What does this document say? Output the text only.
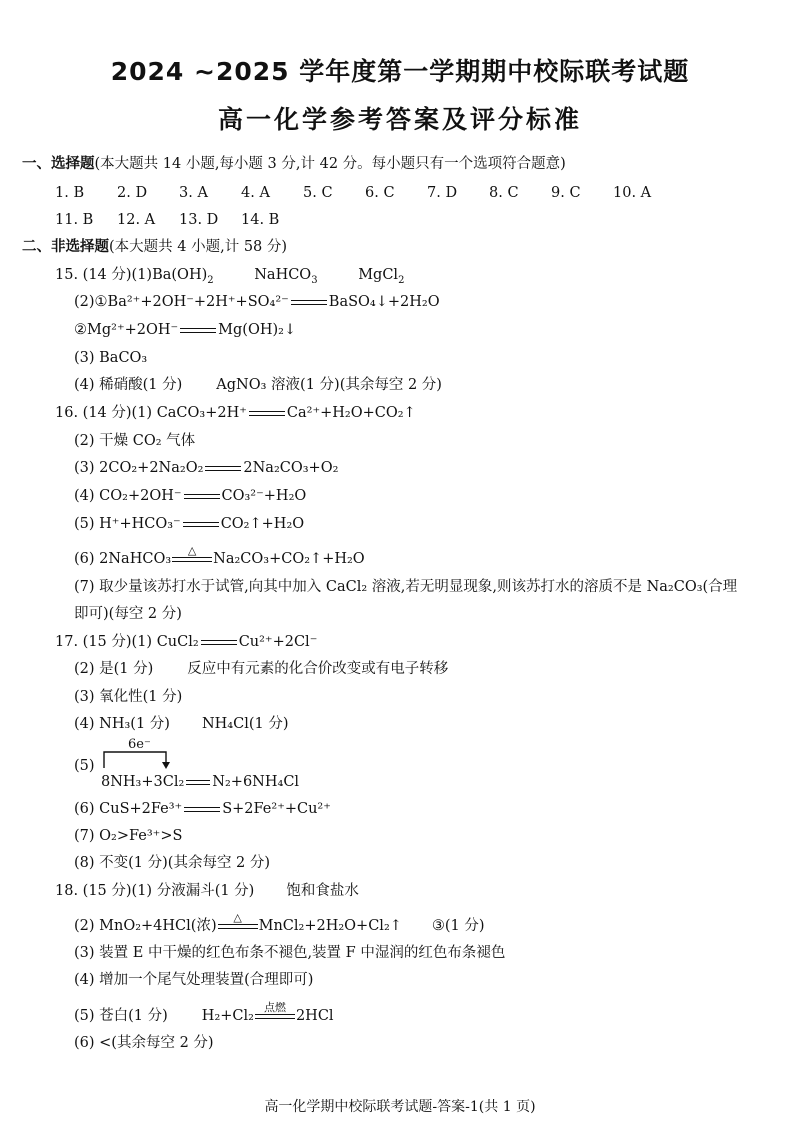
2024 ~2025 学年度第一学期期中校际联考试题
高一化学参考答案及评分标准
一、选择题(本大题共 14 小题,每小题 3 分,计 42 分。每小题只有一个选项符合题意)
1. B 2. D 3. A 4. A 5. C 6. C 7. D 8. C 9. C 10. A
11. B 12. A 13. D 14. B
二、非选择题(本大题共 4 小题,计 58 分)
15. (14 分)$(1)Ba(OH)_2$	NaHCO$_3$	MgCl$_2$
(2)①Ba²⁺+2OH⁻+2H⁺+SO₄²⁻	BaSO₄↓+2H₂O
②Mg²⁺+2OH⁻	Mg(OH)₂↓
(3) BaCO₃
(4) 稀硝酸(1 分) AgNO₃ 溶液(1 分)(其余每空 2 分)
16. (14 分)(1) CaCO₃+2H⁺	Ca²⁺+H₂O+CO₂↑
(2) 干燥 CO₂ 气体
(3) 2CO₂+2Na₂O₂	2Na₂CO₃+O₂
(4) CO₂+2OH⁻	CO₃²⁻+H₂O
(5) H⁺+HCO₃⁻	CO₂↑+H₂O
(6) 2NaHCO₃
△
Na₂CO₃+CO₂↑+H₂O
(7) 取少量该苏打水于试管,向其中加入 CaCl₂ 溶液,若无明显现象,则该苏打水的溶质不是 Na₂CO₃(合理
即可)(每空 2 分)
17. (15 分)(1) CuCl₂	Cu²⁺+2Cl⁻
(2) 是(1 分) 反应中有元素的化合价改变或有电子转移
(3) 氧化性(1 分)
(4) NH₃(1 分) NH₄Cl(1 分)
(5)
6e⁻
8NH₃+3Cl₂ N₂+6NH₄Cl
(6) CuS+2Fe³⁺	S+2Fe²⁺+Cu²⁺
(7) O₂>Fe³⁺>S
(8) 不变(1 分)(其余每空 2 分)
18. (15 分)(1) 分液漏斗(1 分) 饱和食盐水
(2) MnO₂+4HCl(浓)
△
MnCl₂+2H₂O+Cl₂↑ ③(1 分)
(3) 装置 E 中干燥的红色布条不褪色,装置 F 中湿润的红色布条褪色
(4) 增加一个尾气处理装置(合理即可)
(5) 苍白(1 分) H₂+Cl₂
点燃
2HCl
(6) <(其余每空 2 分)
高一化学期中校际联考试题-答案-1(共 1 页)
